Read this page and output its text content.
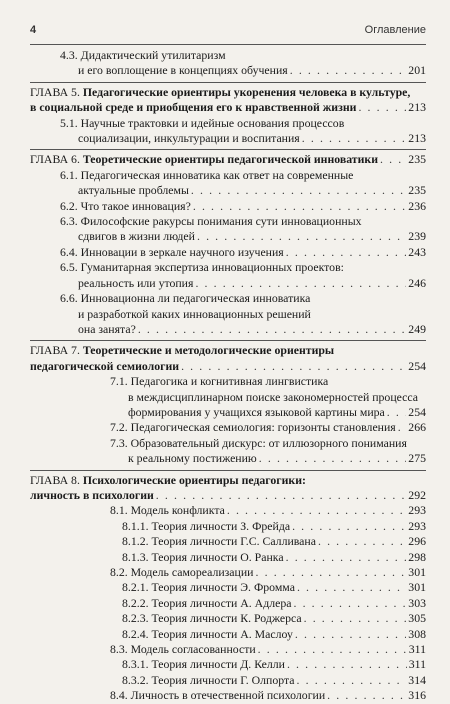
4	Оглавление
4.3. Дидактический утилитаризм
и его воплощение в концепциях обучения . . .	201
ГЛАВА 5. Педагогические ориентиры укоренения человека в культуре,
в социальной среде и приобщения его к нравственной жизни . . .	213
5.1. Научные трактовки и идейные основания процессов
социализации, инкультурации и воспитания . . .	213
ГЛАВА 6. Теоретические ориентиры педагогической инноватики . . .	235
6.1. Педагогическая инноватика как ответ на современные
актуальные проблемы . . .	235
6.2. Что такое инновация? . . .	236
6.3. Философские ракурсы понимания сути инновационных
сдвигов в жизни людей . . .	239
6.4. Инновации в зеркале научного изучения . . .	243
6.5. Гуманитарная экспертиза инновационных проектов:
реальность или утопия . . .	246
6.6. Инновационна ли педагогическая инноватика
и разработкой каких инновационных решений
она занята? . . .	249
ГЛАВА 7. Теоретические и методологические ориентиры
педагогической семиологии . . .	254
7.1. Педагогика и когнитивная лингвистика
в междисциплинарном поиске закономерностей процесса
формирования у учащихся языковой картины мира . . . 254
7.2. Педагогическая семиология: горизонты становления . . . 266
7.3. Образовательный дискурс: от иллюзорного понимания
к реальному постижению . . .	275
ГЛАВА 8. Психологические ориентиры педагогики:
личность в психологии . . .	292
8.1. Модель конфликта . . .	293
8.1.1. Теория личности З. Фрейда . . .	293
8.1.2. Теория личности Г.С. Салливана . . .	296
8.1.3. Теория личности О. Ранка . . .	298
8.2. Модель самореализации . . .	301
8.2.1. Теория личности Э. Фромма . . .	301
8.2.2. Теория личности А. Адлера . . .	303
8.2.3. Теория личности К. Роджерса . . .	305
8.2.4. Теория личности А. Маслоу . . .	308
8.3. Модель согласованности . . .	311
8.3.1. Теория личности Д. Келли . . .	311
8.3.2. Теория личности Г. Олпорта . . .	314
8.4. Личность в отечественной психологии . . .	316
